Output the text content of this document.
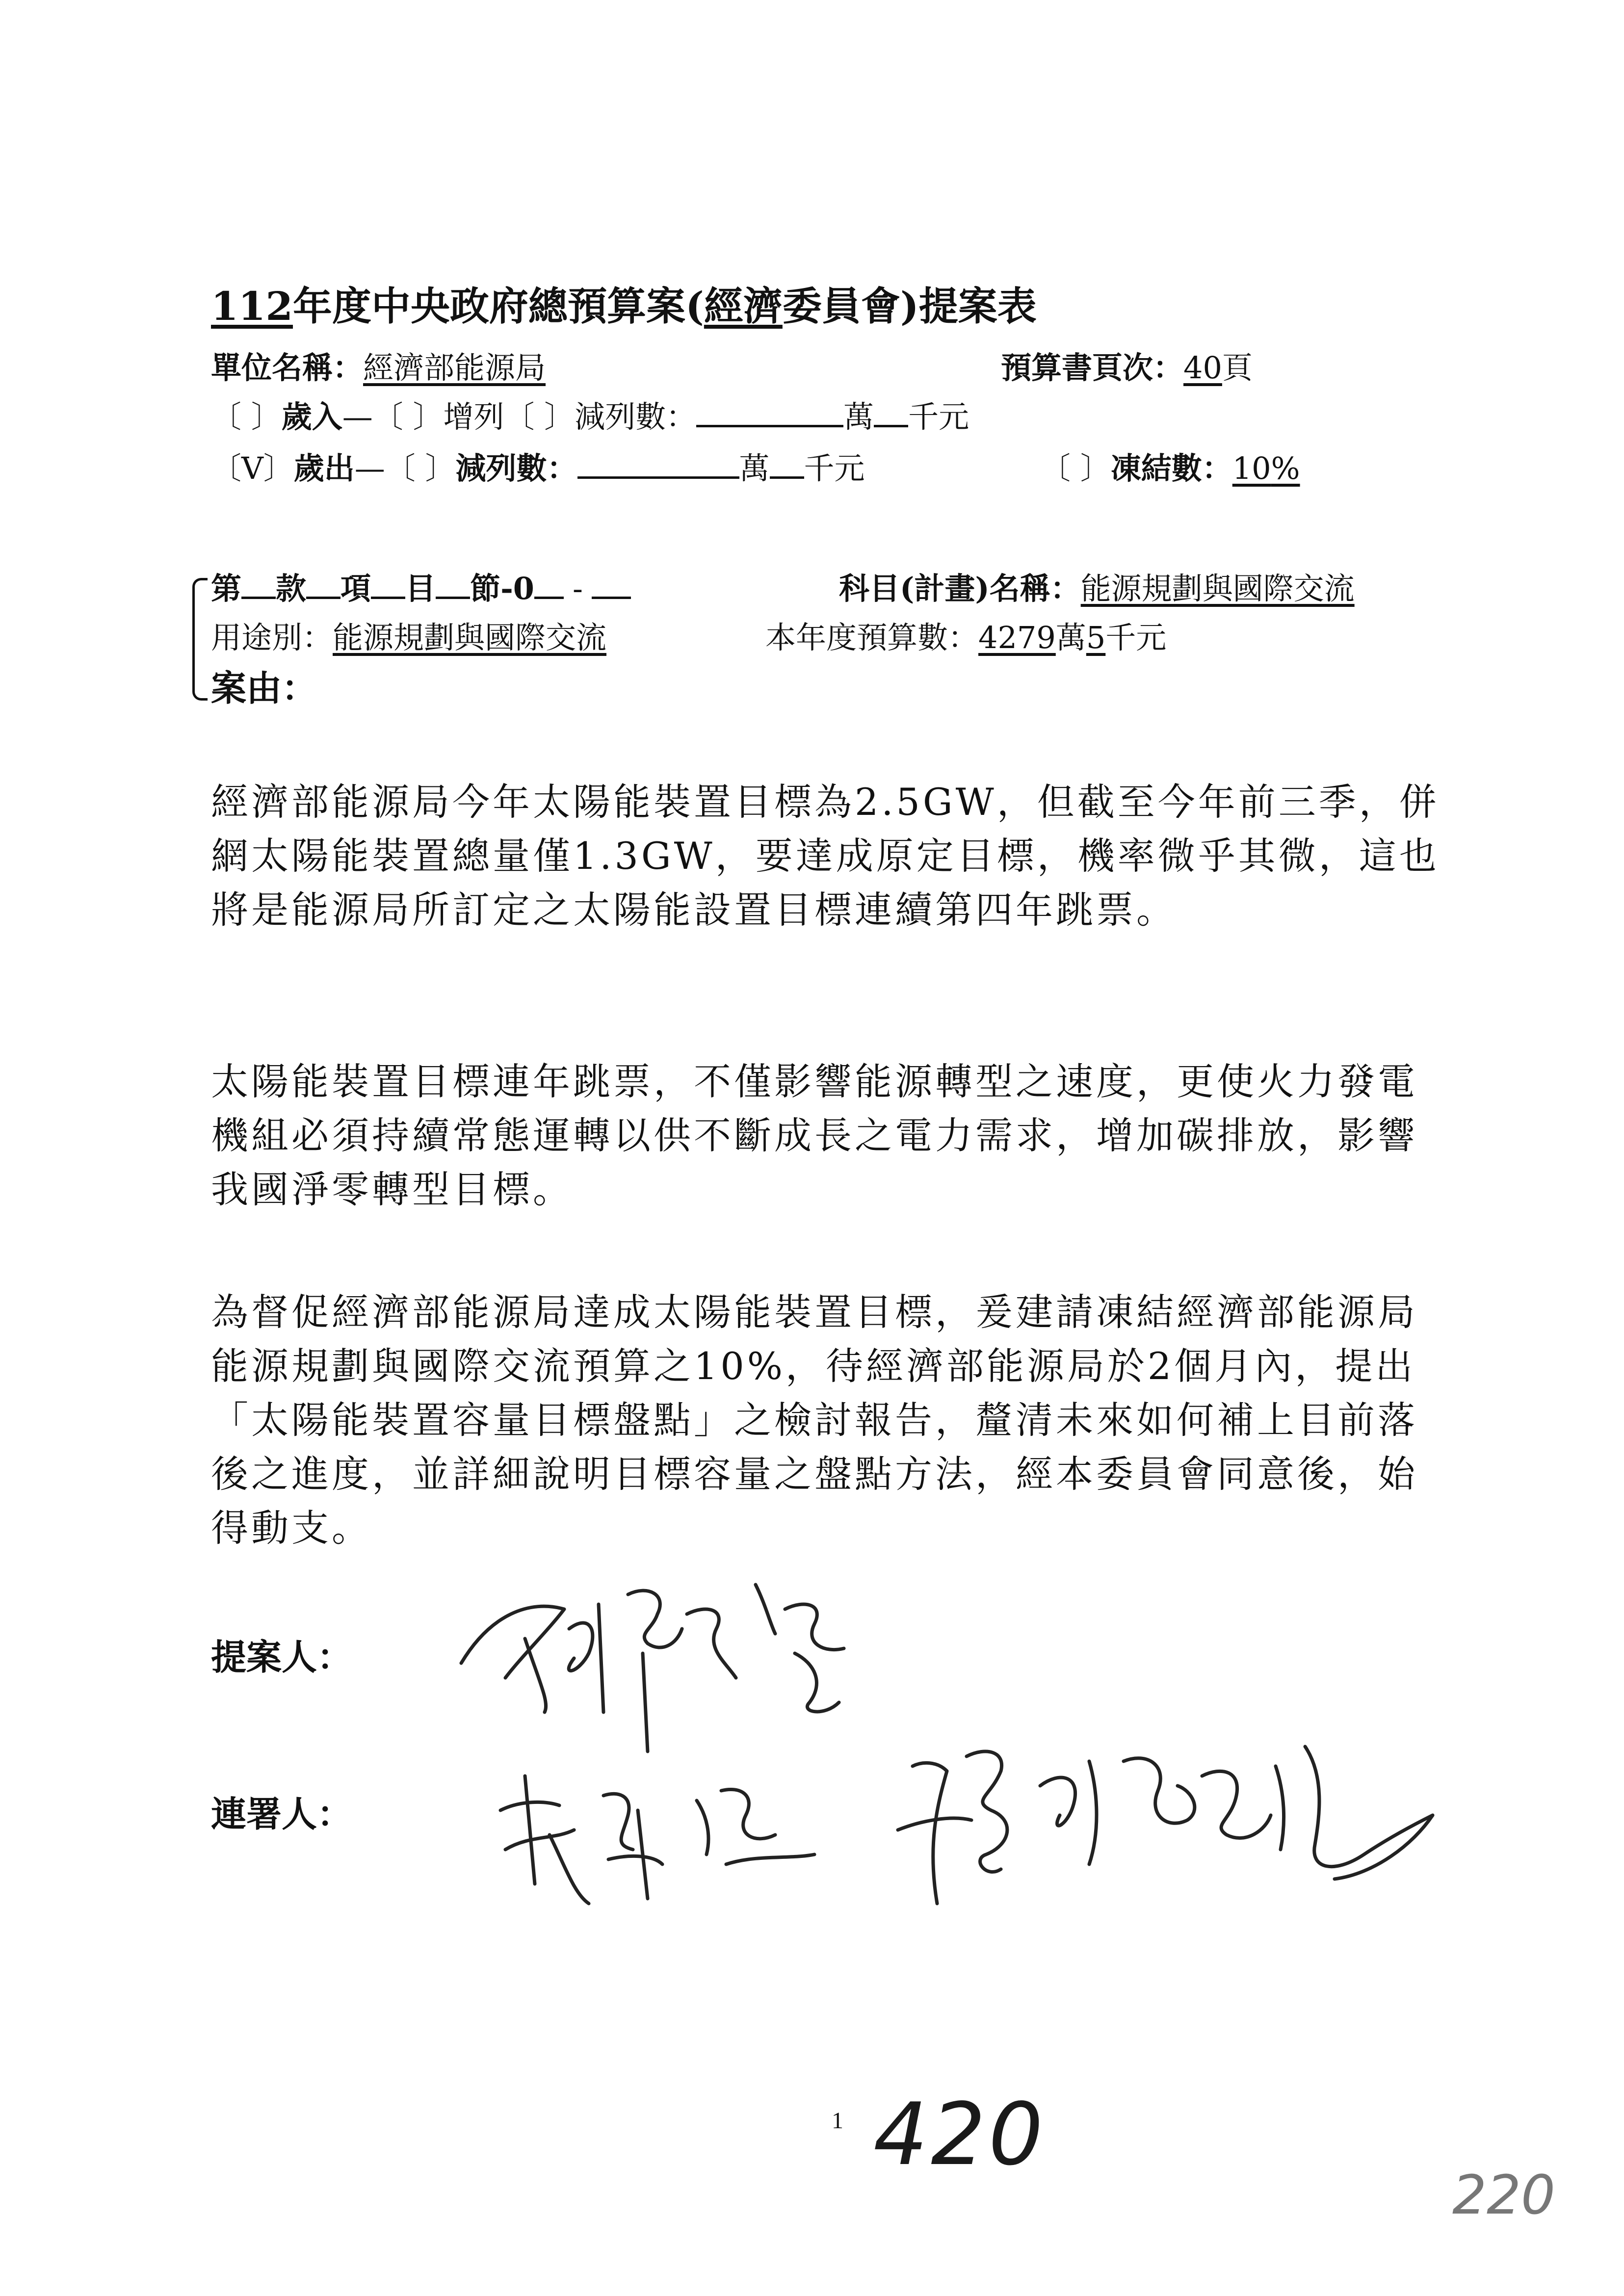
112年度中央政府總預算案(經濟委員會)提案表
單位名稱：經濟部能源局	預算書頁次：40頁
〔 〕歲入—〔 〕增列〔 〕減列數：	萬 千元
〔V〕歲出—〔 〕減列數：	萬 千元	〔 〕凍結數：10%
第 款 項 目 節-0 -	科目(計畫)名稱：能源規劃與國際交流
用途別：能源規劃與國際交流	本年度預算數：4279萬5千元
案由：
經濟部能源局今年太陽能裝置目標為2.5GW，但截至今年前三季，併網太陽能裝置總量僅1.3GW，要達成原定目標，機率微乎其微，這也將是能源局所訂定之太陽能設置目標連續第四年跳票。
太陽能裝置目標連年跳票，不僅影響能源轉型之速度，更使火力發電機組必須持續常態運轉以供不斷成長之電力需求，增加碳排放，影響我國淨零轉型目標。
為督促經濟部能源局達成太陽能裝置目標，爰建請凍結經濟部能源局能源規劃與國際交流預算之10%，待經濟部能源局於2個月內，提出「太陽能裝置容量目標盤點」之檢討報告，釐清未來如何補上目前落後之進度，並詳細說明目標容量之盤點方法，經本委員會同意後，始得動支。
提案人：
連署人：
1 420
220
